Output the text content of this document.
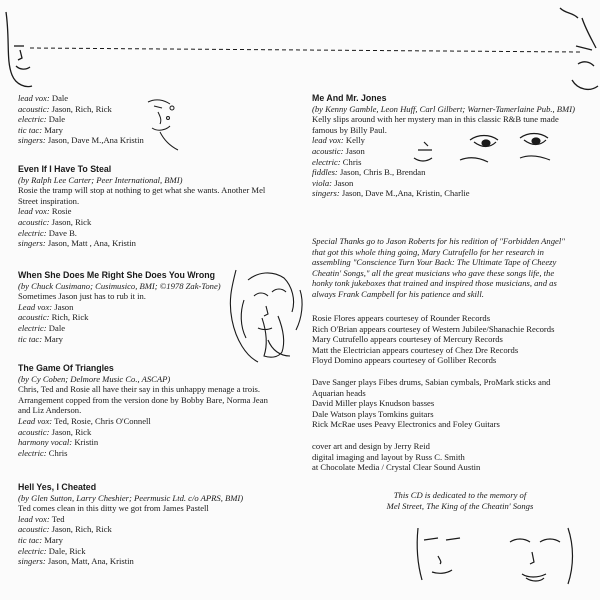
lead vox: Dale
acoustic: Jason, Rich, Rick
electric: Dale
tic tac: Mary
singers: Jason, Dave M.,Ana Kristin
Even If I Have To Steal
(by Ralph Lee Carter; Peer International, BMI)
Rosie the tramp will stop at nothing to get what she wants. Another Mel
Street inspiration.
lead vox: Rosie
acoustic: Jason, Rick
electric: Dave B.
singers: Jason, Matt , Ana, Kristin
When She Does Me Right She Does You Wrong
(by Chuck Cusimano; Cusimusico, BMI; ©1978 Zak-Tone)
Sometimes Jason just has to rub it in.
Lead vox: Jason
acoustic: Rich, Rick
electric: Dale
tic tac: Mary
The Game Of Triangles
(by Cy Coben; Delmore Music Co., ASCAP)
Chris, Ted and Rosie all have their say in this unhappy menage a trois.
Arrangement copped from the version done by Bobby Bare, Norma Jean
and Liz Anderson.
Lead vox: Ted, Rosie, Chris O'Connell
acoustic: Jason, Rick
harmony vocal: Kristin
electric: Chris
Hell Yes, I Cheated
(by Glen Sutton, Larry Cheshier; Peermusic Ltd. c/o APRS, BMI)
Ted comes clean in this ditty we got from James Pastell
lead vox: Ted
acoustic: Jason, Rich, Rick
tic tac: Mary
electric: Dale, Rick
singers: Jason, Matt, Ana, Kristin
Me And Mr. Jones
(by Kenny Gamble, Leon Huff, Carl Gilbert; Warner-Tamerlaine Pub., BMI)
Kelly slips around with her mystery man in this classic R&B tune made
famous by Billy Paul.
lead vox: Kelly
acoustic: Jason
electric: Chris
fiddles: Jason, Chris B., Brendan
viola: Jason
singers: Jason, Dave M.,Ana, Kristin, Charlie
Special Thanks go to Jason Roberts for his redition of "Forbidden Angel"
that got this whole thing going, Mary Cutrufello for her research in
assembling "Conscience Turn Your Back: The Ultimate Tape of Cheezy
Cheatin' Songs," all the great musicians who gave these songs life, the
honky tonk jukeboxes that trained and inspired those musicians, and as
always Frank Campbell for his patience and skill.
Rosie Flores appears courtesey of Rounder Records
Rich O'Brian appears courtesey of Western Jubilee/Shanachie Records
Mary Cutrufello appears courtesey of Mercury Records
Matt the Electrician appears courtesey of Chez Dre Records
Floyd Domino appears courtesey of Golliber Records
Dave Sanger plays Fibes drums, Sabian cymbals, ProMark sticks and
Aquarian heads
David Miller plays Knudson basses
Dale Watson plays Tomkins guitars
Rick McRae uses Peavy Electronics and Foley Guitars
cover art and design by Jerry Reid
digital imaging and layout by Russ C. Smith
at Chocolate Media / Crystal Clear Sound Austin
This CD is dedicated to the memory of
Mel Street, The King of the Cheatin' Songs
